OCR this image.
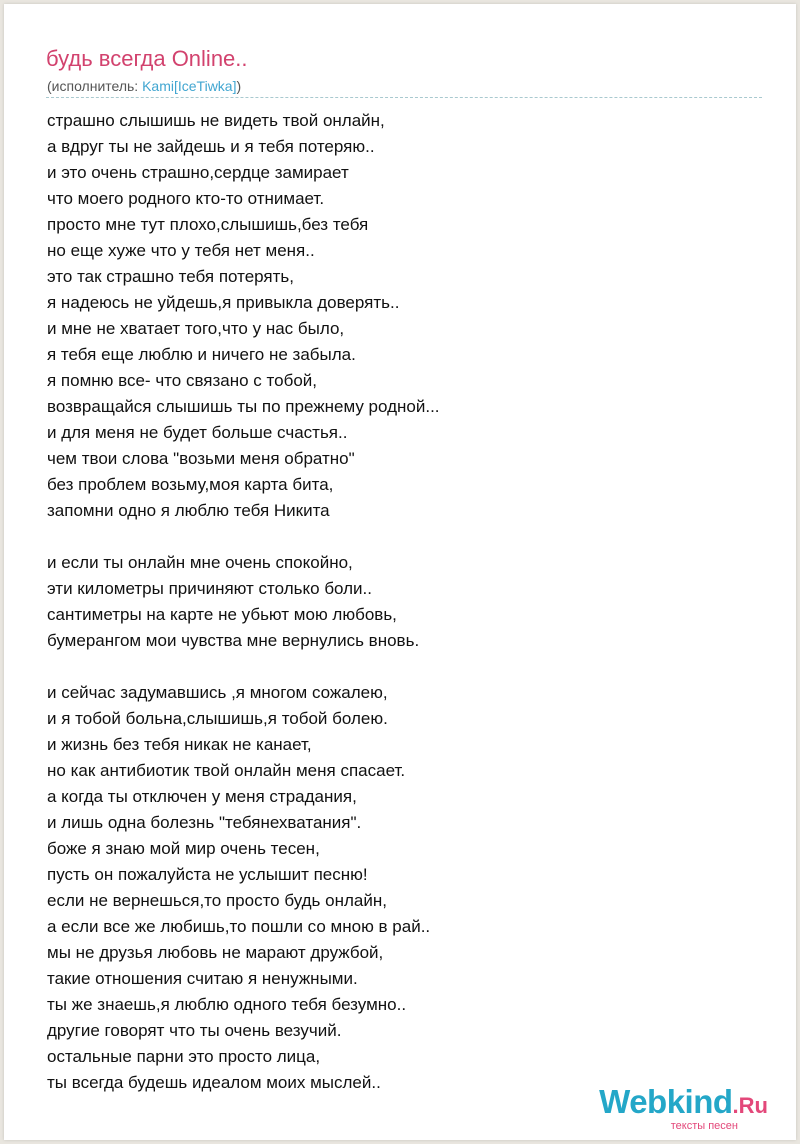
будь всегда Online..
(исполнитель: Kami[IceTiwka])
страшно слышишь не видеть твой онлайн,
а вдруг ты не зайдешь и я тебя потеряю..
и это очень страшно,сердце замирает
что моего родного кто-то отнимает.
просто мне тут плохо,слышишь,без тебя
но еще хуже что у тебя нет меня..
это так страшно тебя потерять,
я надеюсь не уйдешь,я привыкла доверять..
и мне не хватает того,что у нас было,
я тебя еще люблю и ничего не забыла.
я помню все- что связано с тобой,
возвращайся слышишь ты по прежнему родной...
и для меня не будет больше счастья..
чем твои слова "возьми меня обратно"
без проблем возьму,моя карта бита,
запомни одно я люблю тебя Никита
и если ты онлайн мне очень спокойно,
эти километры причиняют столько боли..
сантиметры на карте не убьют мою любовь,
бумерангом мои чувства мне вернулись вновь.
и сейчас задумавшись ,я многом сожалею,
и я тобой больна,слышишь,я тобой болею.
и жизнь без тебя никак не канает,
но как антибиотик твой онлайн меня спасает.
а когда ты отключен у меня страдания,
и лишь одна болезнь "тебянехватания".
боже я знаю мой мир очень тесен,
пусть он пожалуйста не услышит песню!
если не вернешься,то просто будь онлайн,
а если все же любишь,то пошли со мною в рай..
мы не друзья любовь не марают дружбой,
такие отношения считаю я ненужными.
ты же знаешь,я люблю одного тебя безумно..
другие говорят что ты очень везучий.
остальные парни это просто лица,
ты всегда будешь идеалом моих мыслей..
Webkind.Ru
тексты песен
